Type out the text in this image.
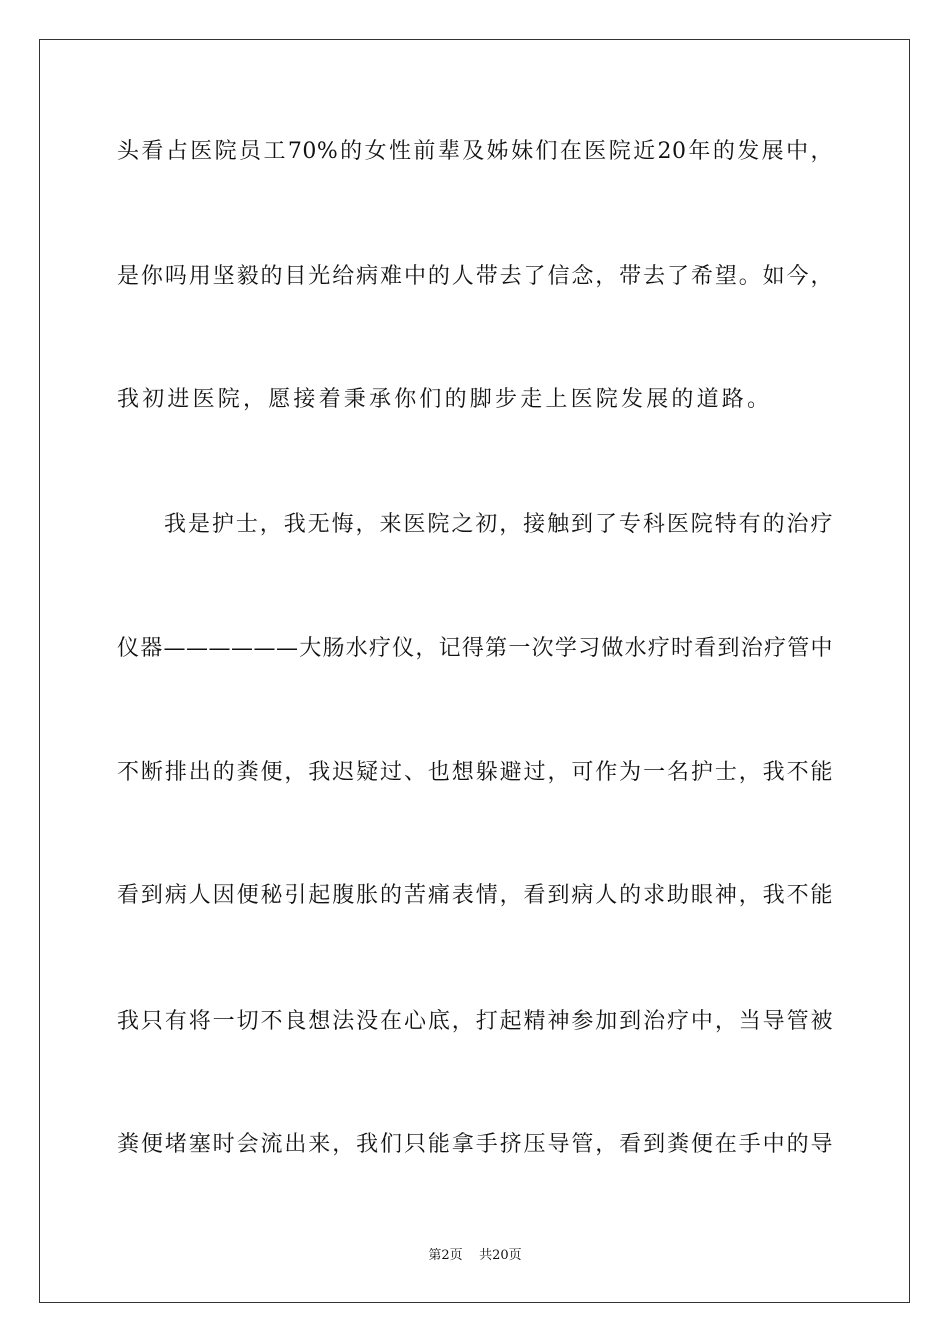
头看占医院员工70%的女性前辈及姊妹们在医院近20年的发展中，
是你吗用坚毅的目光给病难中的人带去了信念，带去了希望。如今，
我初进医院，愿接着秉承你们的脚步走上医院发展的道路。
我是护士，我无悔，来医院之初，接触到了专科医院特有的治疗
仪器——————大肠水疗仪，记得第一次学习做水疗时看到治疗管中
不断排出的粪便，我迟疑过、也想躲避过，可作为一名护士，我不能
看到病人因便秘引起腹胀的苦痛表情，看到病人的求助眼神，我不能
我只有将一切不良想法没在心底，打起精神参加到治疗中，当导管被
粪便堵塞时会流出来，我们只能拿手挤压导管，看到粪便在手中的导
第2页 共20页
